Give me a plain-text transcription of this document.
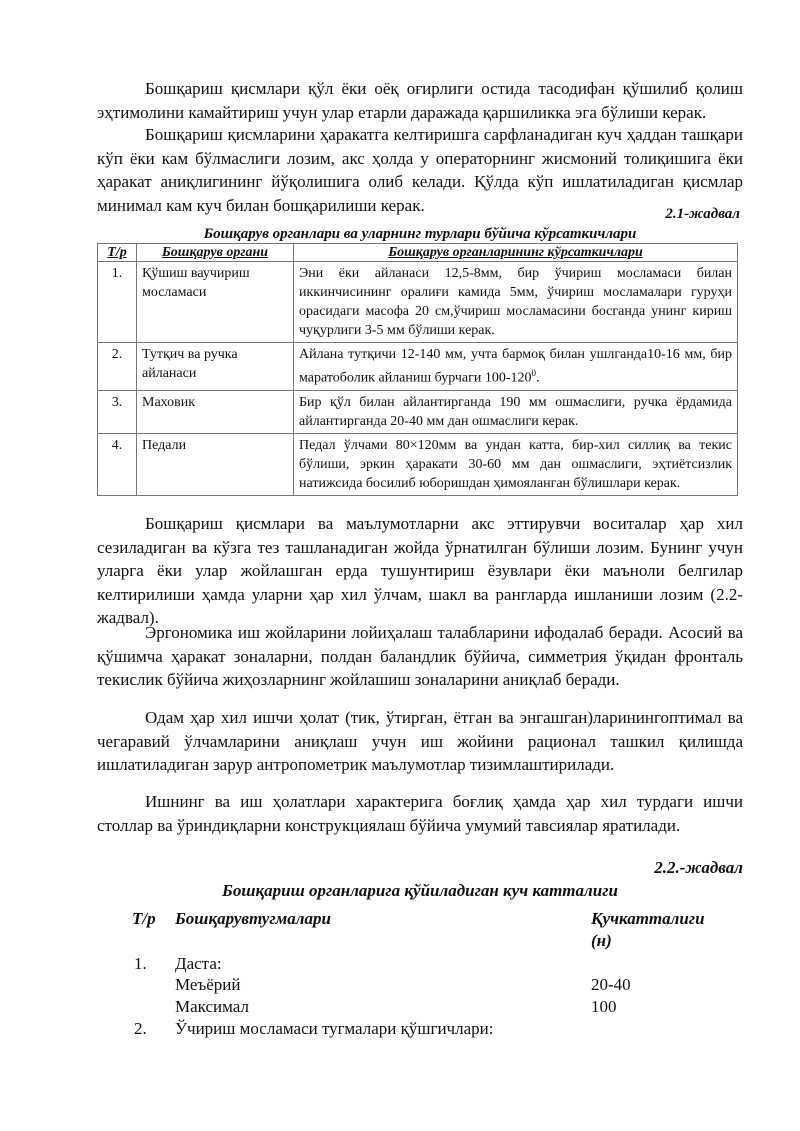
Бошқариш қисмлари қўл ёки оёқ оғирлиги остида тасодифан қўшилиб қолиш эҳтимолини камайтириш учун улар етарли даражада қаршиликка эга бўлиши керак.

Бошқариш қисмларини ҳаракатга келтиришга сарфланадиган куч ҳаддан ташқари кўп ёки кам бўлмаслиги лозим, акс ҳолда у операторнинг жисмоний толиқишига ёки ҳаракат аниқлигининг йўқолишига олиб келади. Қўлда кўп ишлатиладиган қисмлар минимал кам куч билан бошқарилиши керак.	2.1-жадвал
Бошқарув органлари ва уларнинг турлари бўйича кўрсаткичлари
Т/р	Бошқарув органи	Бошқарув органларининг кўрсаткичлари
1.	Қўшиш ваучириш мосламаси	Эни ёки айланаси 12,5-8мм, бир ўчириш мосламаси билан иккинчисининг оралиғи камида 5мм, ўчириш мосламалари гуруҳи орасидаги масофа 20 см,ўчириш мосламасини босганда унинг кириш чуқурлиги 3-5 мм бўлиши керак.
2.	Тутқич ва ручка айланаси	Айлана тутқичи 12-140 мм, учта бармоқ билан ушлганда10-16 мм, бир маратоболик айланиш бурчаги $100-120^0$.
3.	Маховик	Бир қўл билан айлантирганда 190 мм ошмаслиги, ручка ёрдамида айлантирганда 20-40 мм дан ошмаслиги керак.
4.	Педали	Педал ўлчами 80×120мм ва ундан катта, бир-хил силлиқ ва текис бўлиши, эркин ҳаракати 30-60 мм дан ошмаслиги, эҳтиётсизлик натижсида босилиб юборишдан ҳимояланган бўлишлари керак.

Бошқариш қисмлари ва маълумотларни акс эттирувчи воситалар ҳар хил сезиладиган ва кўзга тез ташланадиган жойда ўрнатилган бўлиши лозим. Бунинг учун уларга ёки улар жойлашган ерда тушунтириш ёзувлари ёки маъноли белгилар келтирилиши ҳамда уларни ҳар хил ўлчам, шакл ва рангларда ишланиши лозим (2.2-жадвал).

Эргономика иш жойларини лойиҳалаш талабларини ифодалаб беради. Асосий ва қўшимча ҳаракат зоналарни, полдан баландлик бўйича, симметрия ўқидан фронталь текислик бўйича жиҳозларнинг жойлашиш зоналарини аниқлаб беради.

Одам ҳар хил ишчи ҳолат (тик, ўтирган, ётган ва энгашган)ларинингоптимал ва чегаравий ўлчамларини аниқлаш учун иш жойини рационал ташкил қилишда ишлатиладиган зарур антропометрик маълумотлар тизимлаштирилади.

Ишнинг ва иш ҳолатлари характерига боғлиқ ҳамда ҳар хил турдаги ишчи столлар ва ўриндиқларни конструкциялаш бўйича умумий тавсиялар яратилади.

2.2.-жадвал
Бошқариш органларига қўйиладиган куч катталиги
Т/р Бошқарувтугмалари	Қучкатталиги
(н)
1. Даста:
Меъёрий	20-40
Максимал	100
2. Ўчириш мосламаси тугмалари қўшгичлари:
